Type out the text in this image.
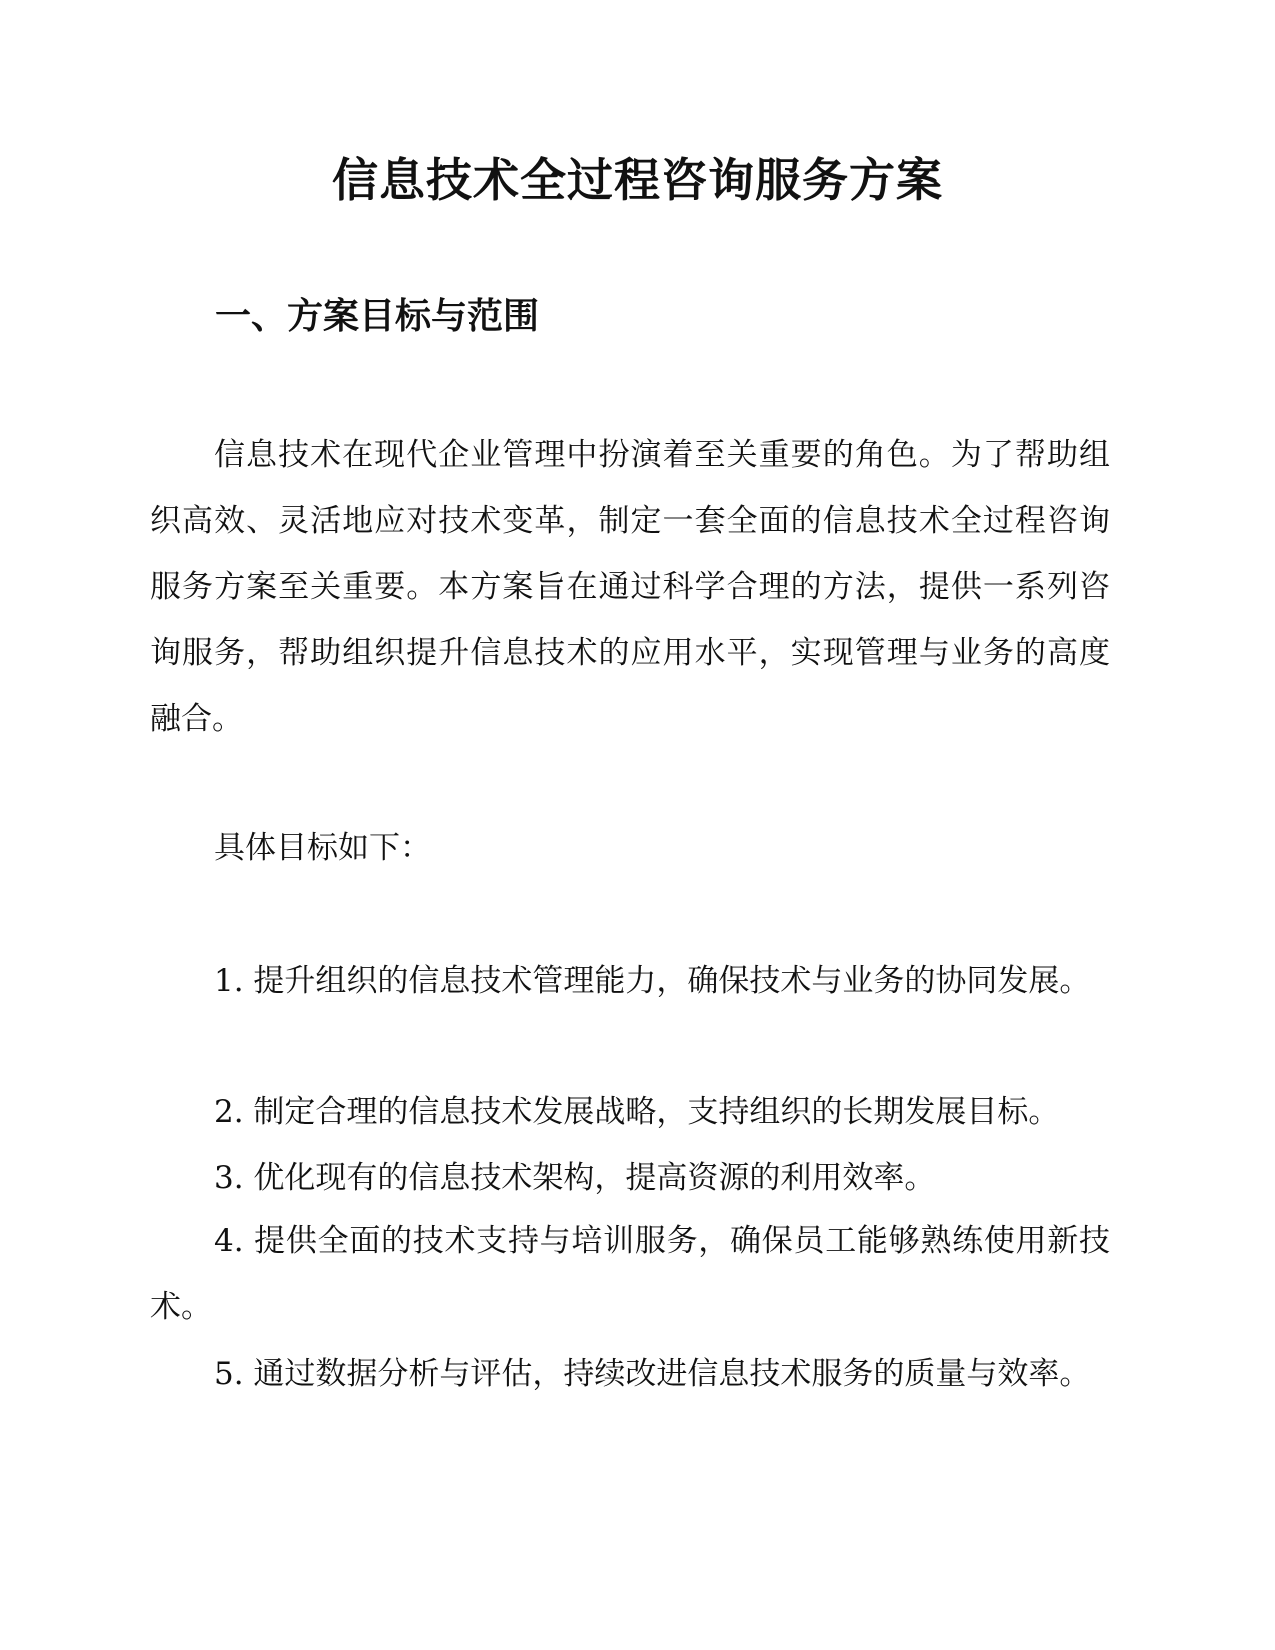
信息技术全过程咨询服务方案
一、方案目标与范围

信息技术在现代企业管理中扮演着至关重要的角色。为了帮助组织高效、灵活地应对技术变革，制定一套全面的信息技术全过程咨询服务方案至关重要。本方案旨在通过科学合理的方法，提供一系列咨询服务，帮助组织提升信息技术的应用水平，实现管理与业务的高度融合。

具体目标如下：

1. 提升组织的信息技术管理能力，确保技术与业务的协同发展。

2. 制定合理的信息技术发展战略，支持组织的长期发展目标。

3. 优化现有的信息技术架构，提高资源的利用效率。

4. 提供全面的技术支持与培训服务，确保员工能够熟练使用新技术。

5. 通过数据分析与评估，持续改进信息技术服务的质量与效率。
